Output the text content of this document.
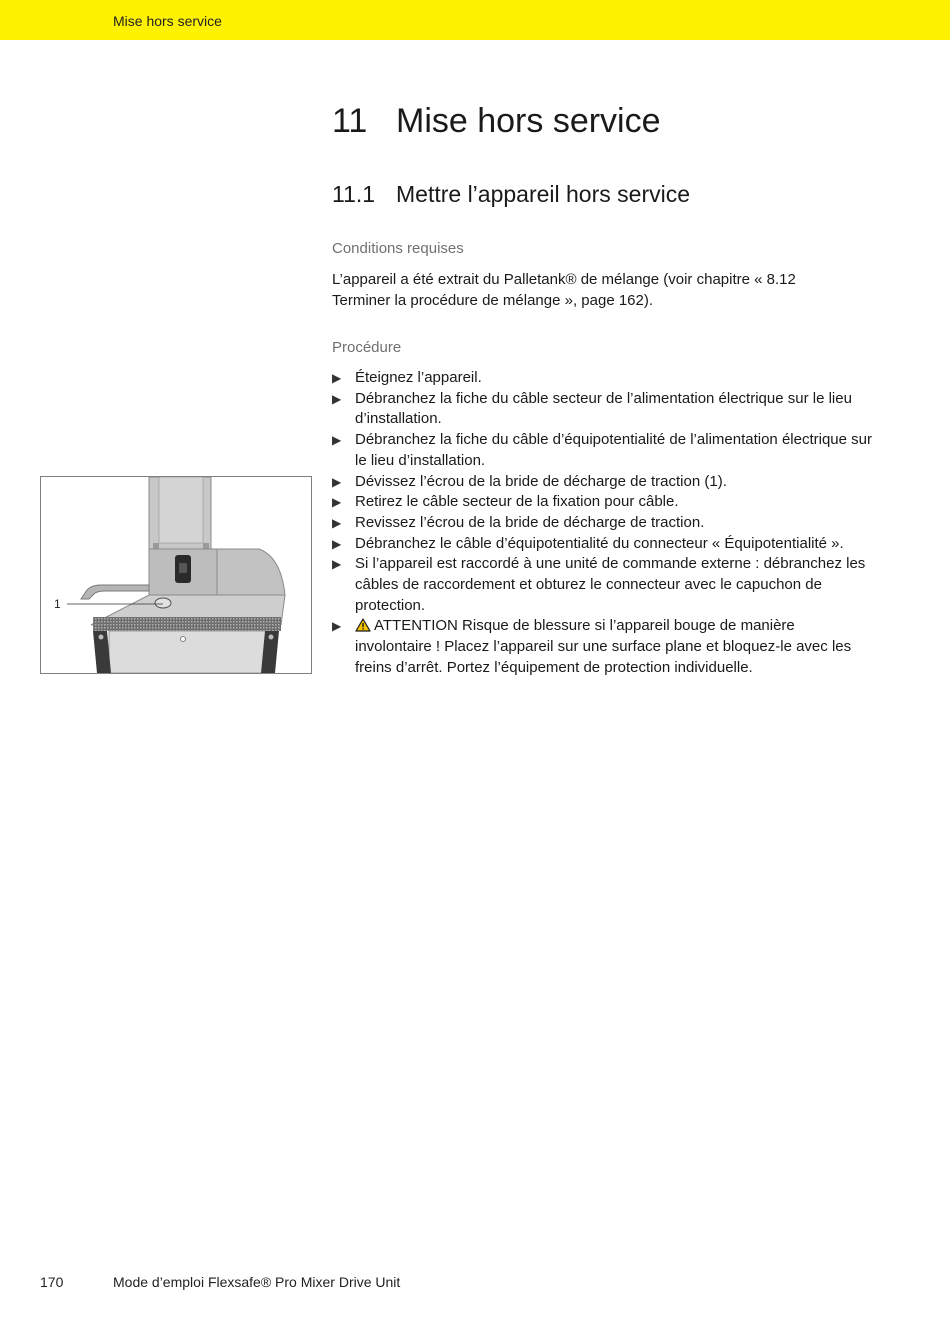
Mise hors service
11 Mise hors service
11.1 Mettre l’appareil hors service
Conditions requises
L’appareil a été extrait du Palletank® de mélange (voir chapitre « 8.12 Terminer la procédure de mélange », page 162).
Procédure
▶ Éteignez l’appareil.
▶ Débranchez la fiche du câble secteur de l’alimentation électrique sur le lieu d’installation.
▶ Débranchez la fiche du câble d’équipotentialité de l’alimentation électrique sur le lieu d’installation.
▶ Dévissez l’écrou de la bride de décharge de traction (1).
▶ Retirez le câble secteur de la fixation pour câble.
▶ Revissez l’écrou de la bride de décharge de traction.
▶ Débranchez le câble d’équipotentialité du connecteur « Équipotentialité ».
▶ Si l’appareil est raccordé à une unité de commande externe : débranchez les câbles de raccordement et obturez le connecteur avec le capuchon de protection.
▶ ATTENTION Risque de blessure si l’appareil bouge de manière involontaire ! Placez l’appareil sur une surface plane et bloquez-le avec les freins d’arrêt. Portez l’équipement de protection individuelle.
1
170	Mode d’emploi Flexsafe® Pro Mixer Drive Unit
